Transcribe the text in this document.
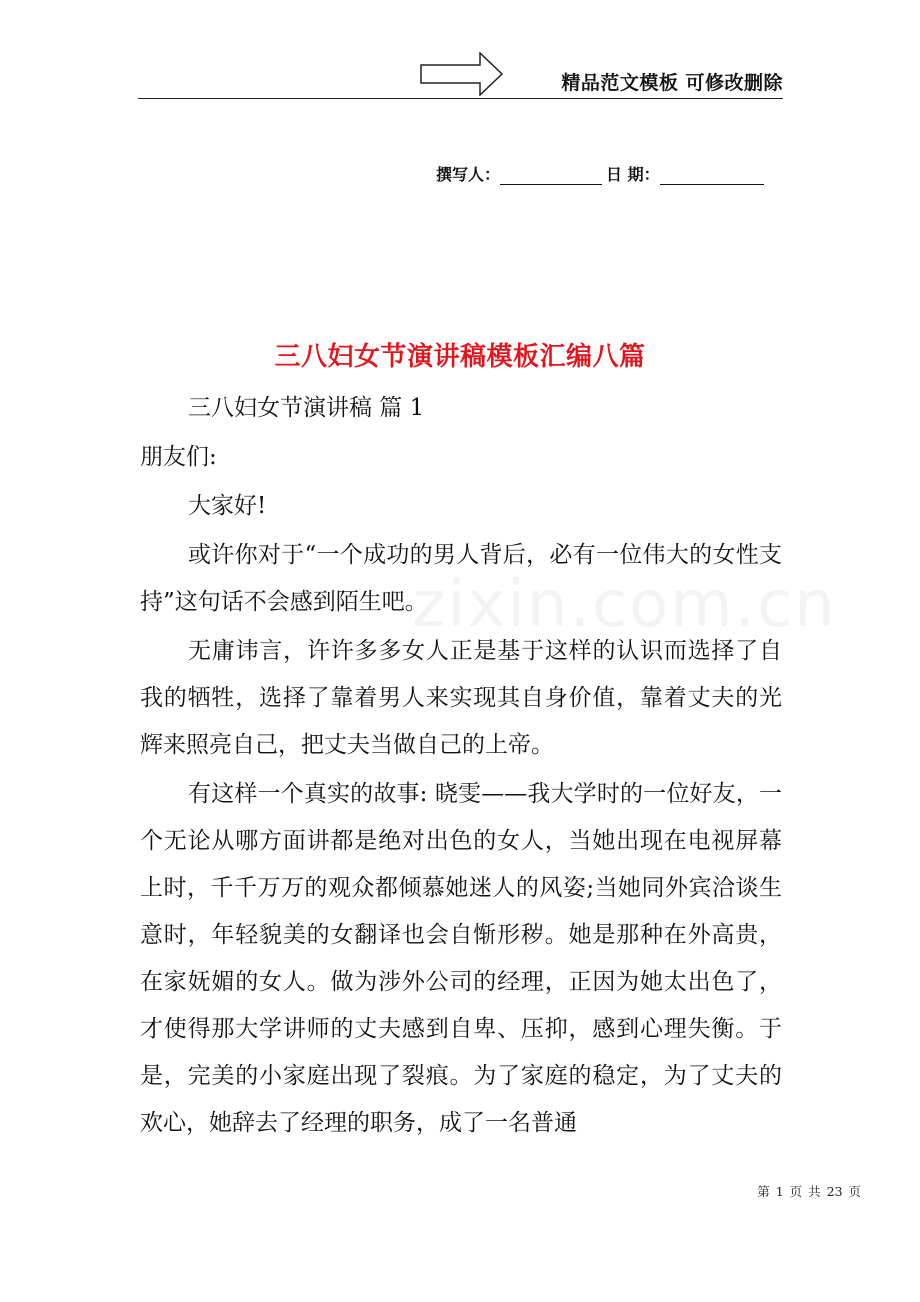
精品范文模板 可修改删除
撰写人：	日 期：
zixin.com.cn
三八妇女节演讲稿模板汇编八篇

三八妇女节演讲稿 篇 1

朋友们:

大家好!

或许你对于“一个成功的男人背后，必有一位伟大的女性支持”这句话不会感到陌生吧。

无庸讳言，许许多多女人正是基于这样的认识而选择了自我的牺牲，选择了靠着男人来实现其自身价值，靠着丈夫的光辉来照亮自己，把丈夫当做自己的上帝。

有这样一个真实的故事: 晓雯——我大学时的一位好友，一个无论从哪方面讲都是绝对出色的女人，当她出现在电视屏幕上时，千千万万的观众都倾慕她迷人的风姿;当她同外宾洽谈生意时，年轻貌美的女翻译也会自惭形秽。她是那种在外高贵，在家妩媚的女人。做为涉外公司的经理，正因为她太出色了，才使得那大学讲师的丈夫感到自卑、压抑，感到心理失衡。于是，完美的小家庭出现了裂痕。为了家庭的稳定，为了丈夫的欢心，她辞去了经理的职务，成了一名普通

第 1 页 共 23 页
